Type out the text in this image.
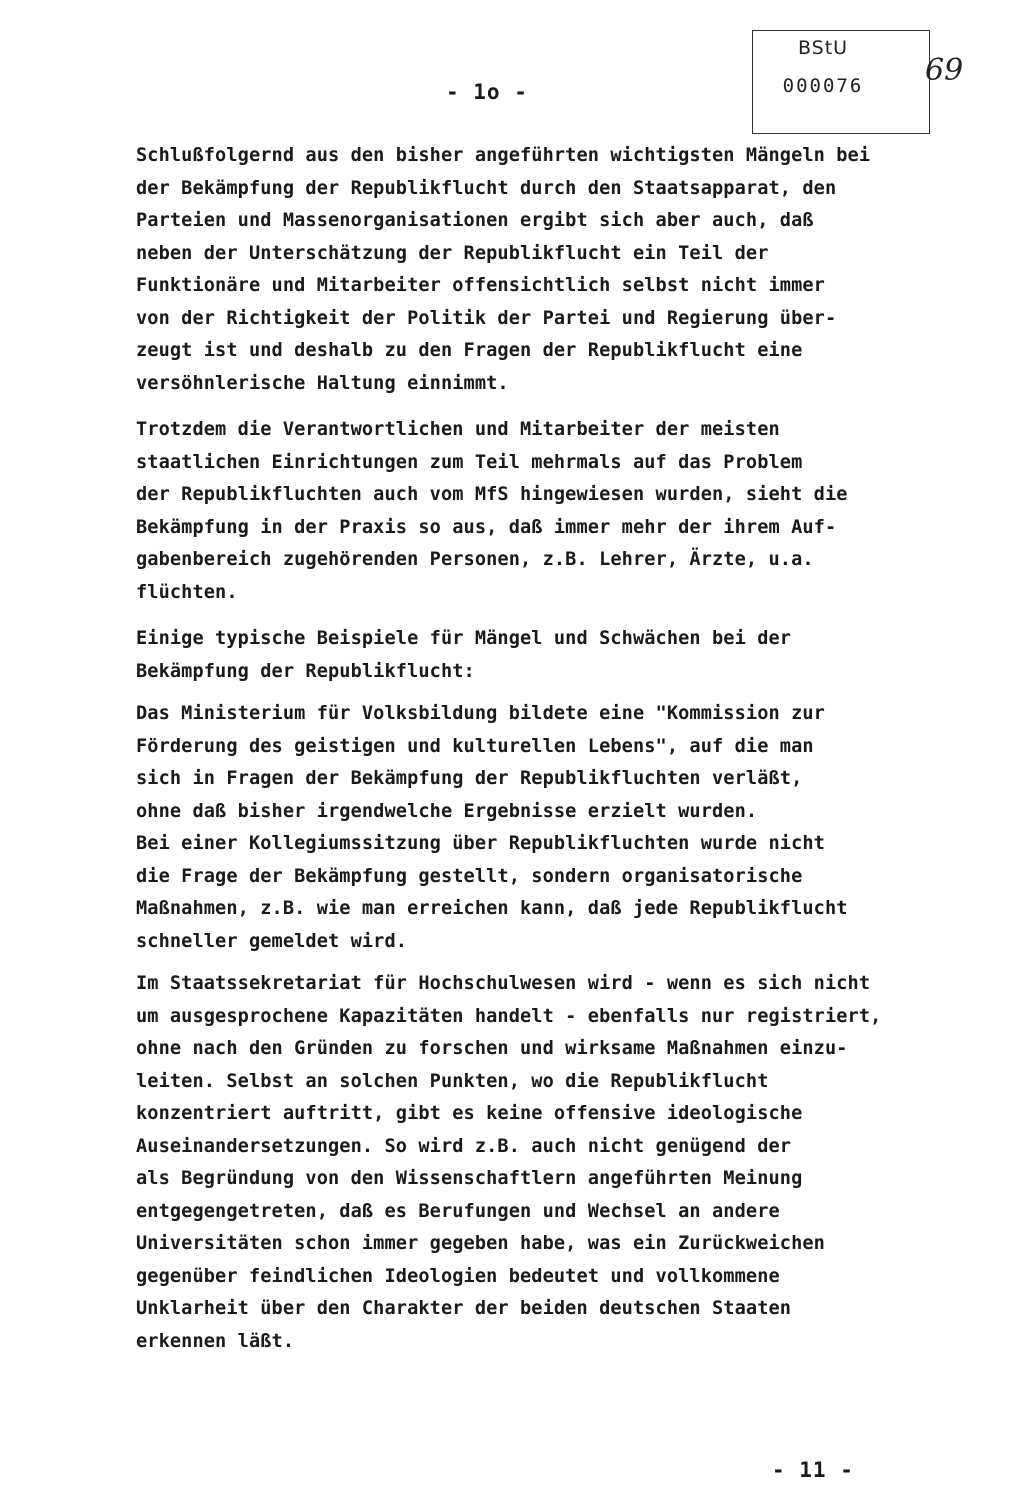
- 1o -
BStU
000076	69
Schlußfolgernd aus den bisher angeführten wichtigsten Mängeln bei
der Bekämpfung der Republikflucht durch den Staatsapparat, den
Parteien und Massenorganisationen ergibt sich aber auch, daß
neben der Unterschätzung der Republikflucht ein Teil der
Funktionäre und Mitarbeiter offensichtlich selbst nicht immer
von der Richtigkeit der Politik der Partei und Regierung über-
zeugt ist und deshalb zu den Fragen der Republikflucht eine
versöhnlerische Haltung einnimmt.
Trotzdem die Verantwortlichen und Mitarbeiter der meisten
staatlichen Einrichtungen zum Teil mehrmals auf das Problem
der Republikfluchten auch vom MfS hingewiesen wurden, sieht die
Bekämpfung in der Praxis so aus, daß immer mehr der ihrem Auf-
gabenbereich zugehörenden Personen, z.B. Lehrer, Ärzte, u.a.
flüchten.
Einige typische Beispiele für Mängel und Schwächen bei der
Bekämpfung der Republikflucht:
Das Ministerium für Volksbildung bildete eine "Kommission zur
Förderung des geistigen und kulturellen Lebens", auf die man
sich in Fragen der Bekämpfung der Republikfluchten verläßt,
ohne daß bisher irgendwelche Ergebnisse erzielt wurden.
Bei einer Kollegiumssitzung über Republikfluchten wurde nicht
die Frage der Bekämpfung gestellt, sondern organisatorische
Maßnahmen, z.B. wie man erreichen kann, daß jede Republikflucht
schneller gemeldet wird.
Im Staatssekretariat für Hochschulwesen wird - wenn es sich nicht
um ausgesprochene Kapazitäten handelt - ebenfalls nur registriert,
ohne nach den Gründen zu forschen und wirksame Maßnahmen einzu-
leiten. Selbst an solchen Punkten, wo die Republikflucht
konzentriert auftritt, gibt es keine offensive ideologische
Auseinandersetzungen. So wird z.B. auch nicht genügend der
als Begründung von den Wissenschaftlern angeführten Meinung
entgegengetreten, daß es Berufungen und Wechsel an andere
Universitäten schon immer gegeben habe, was ein Zurückweichen
gegenüber feindlichen Ideologien bedeutet und vollkommene
Unklarheit über den Charakter der beiden deutschen Staaten
erkennen läßt.
- 11 -
